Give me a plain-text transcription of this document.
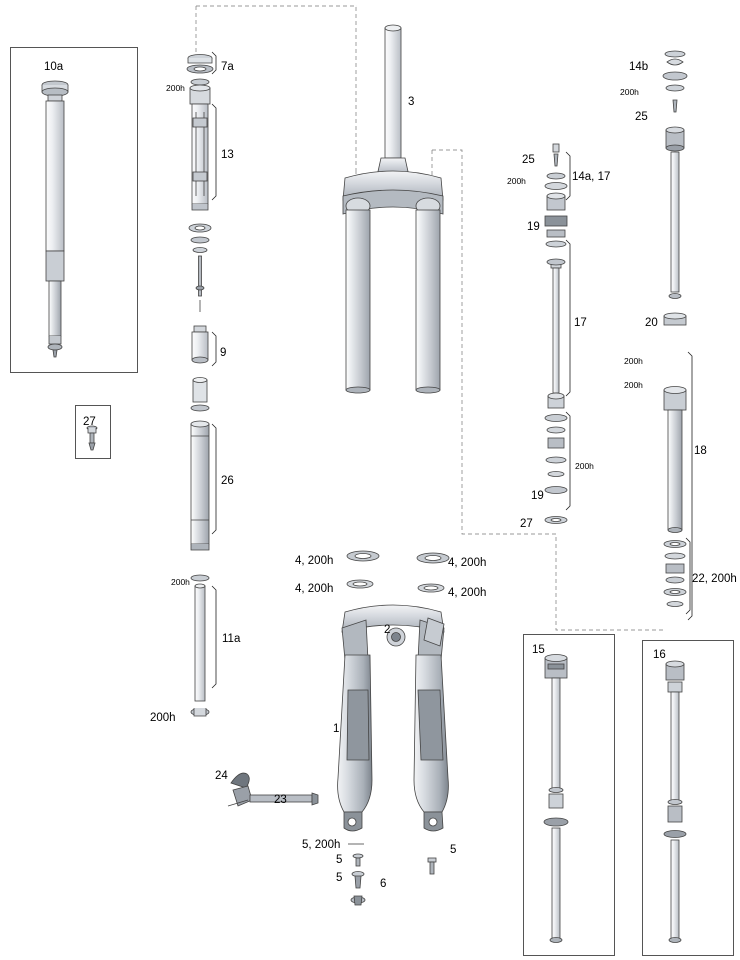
10a	7a
200h
13
3
14b
200h
25
25
200h	14a, 17
19
17	20
200h
200h
9
18
26
200h
19
27
27
22, 200h
4, 200h	4, 200h
4, 200h	4, 200h
200h
11a
200h
2
1
15	16
24
23
5, 200h
5
5
5
6
